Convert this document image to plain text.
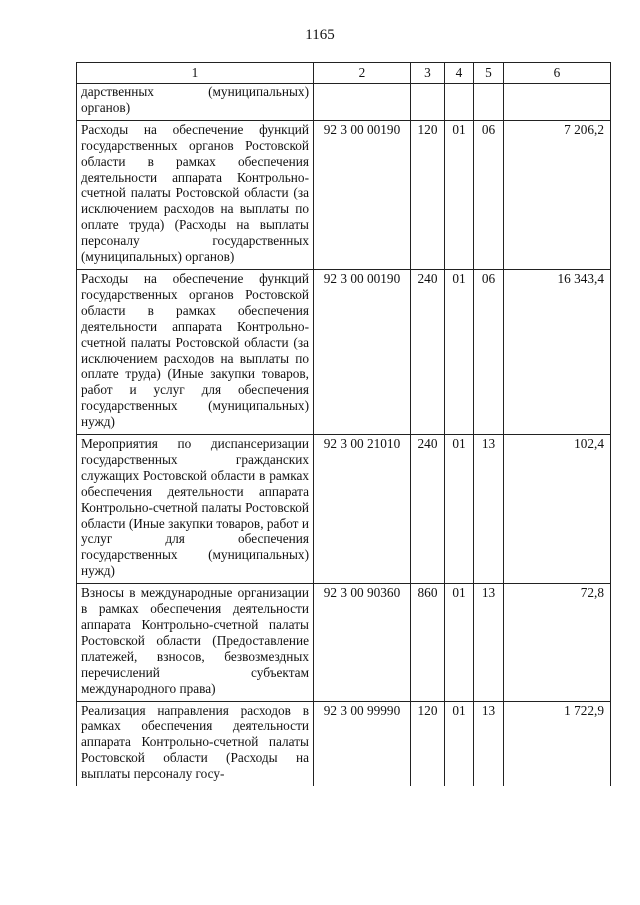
1165
1	2	3	4	5	6
дарственных (муниципальных) органов)					
Расходы на обеспечение функций государственных органов Ростовской области в рамках обеспечения деятельности аппарата Контрольно-счетной палаты Ростовской области (за исключением расходов на выплаты по оплате труда) (Расходы на выплаты персоналу государственных (муниципальных) органов)	92 3 00 00190	120	01	06	7 206,2
Расходы на обеспечение функций государственных органов Ростовской области в рамках обеспечения деятельности аппарата Контрольно-счетной палаты Ростовской области (за исключением расходов на выплаты по оплате труда) (Иные закупки товаров, работ и услуг для обеспечения государственных (муниципальных) нужд)	92 3 00 00190	240	01	06	16 343,4
Мероприятия по диспансеризации государственных гражданских служащих Ростовской области в рамках обеспечения деятельности аппарата Контрольно-счетной палаты Ростовской области (Иные закупки товаров, работ и услуг для обеспечения государственных (муниципальных) нужд)	92 3 00 21010	240	01	13	102,4
Взносы в международные организации в рамках обеспечения деятельности аппарата Контрольно-счетной палаты Ростовской области (Предоставление платежей, взносов, безвозмездных перечислений субъектам международного права)	92 3 00 90360	860	01	13	72,8
Реализация направления расходов в рамках обеспечения деятельности аппарата Контрольно-счетной палаты Ростовской области (Расходы на выплаты персоналу госу-	92 3 00 99990	120	01	13	1 722,9
